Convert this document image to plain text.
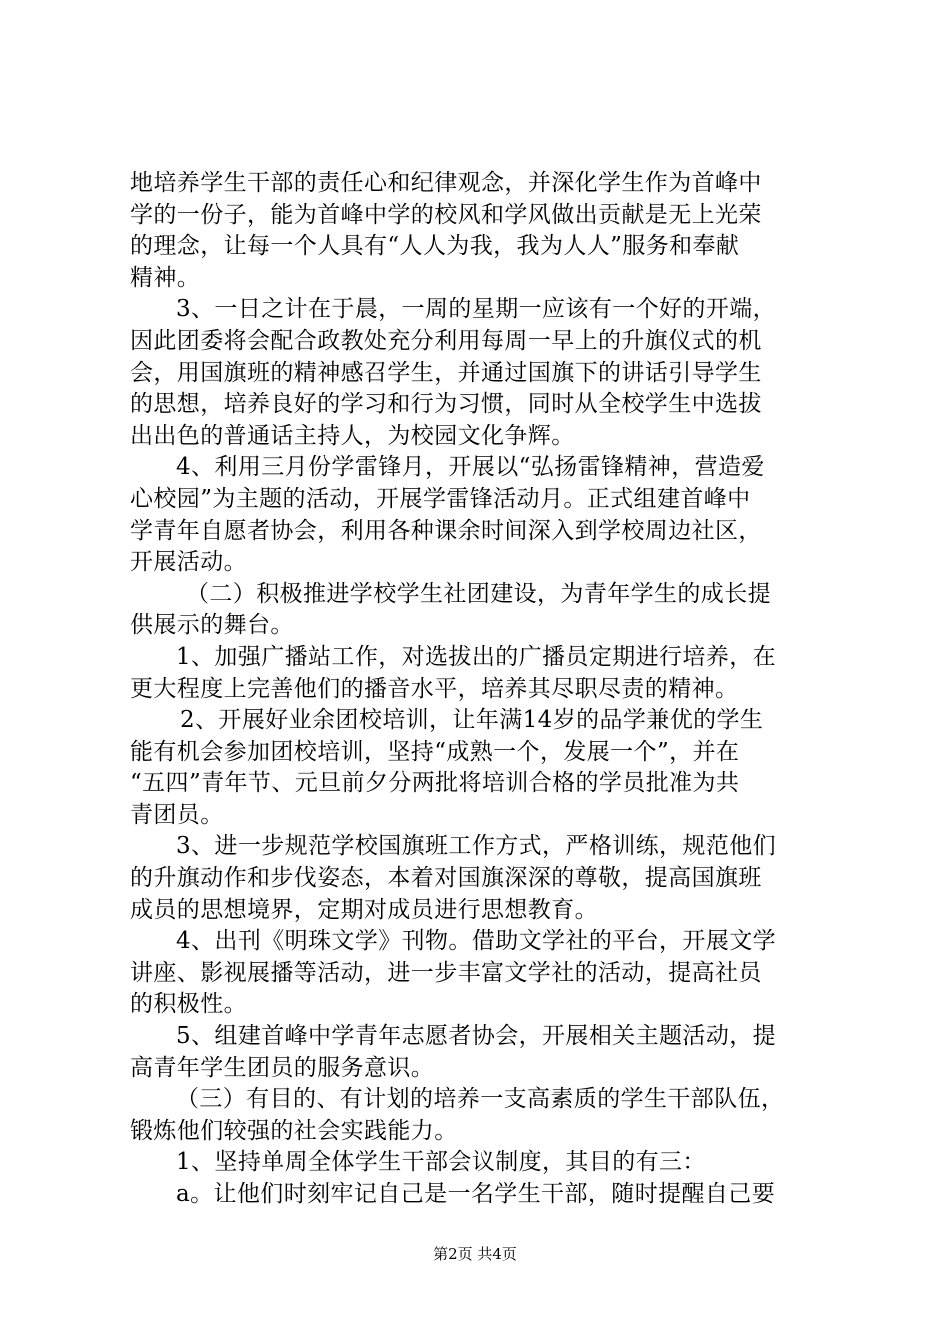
地培养学生干部的责任心和纪律观念，并深化学生作为首峰中
学的一份子，能为首峰中学的校风和学风做出贡献是无上光荣
的理念，让每一个人具有“人人为我，我为人人”服务和奉献
精神。
3、一日之计在于晨，一周的星期一应该有一个好的开端，
因此团委将会配合政教处充分利用每周一早上的升旗仪式的机
会，用国旗班的精神感召学生，并通过国旗下的讲话引导学生
的思想，培养良好的学习和行为习惯，同时从全校学生中选拔
出出色的普通话主持人，为校园文化争辉。
4、利用三月份学雷锋月，开展以“弘扬雷锋精神，营造爱
心校园”为主题的活动，开展学雷锋活动月。正式组建首峰中
学青年自愿者协会，利用各种课余时间深入到学校周边社区，
开展活动。
（二）积极推进学校学生社团建设，为青年学生的成长提
供展示的舞台。
1、加强广播站工作，对选拔出的广播员定期进行培养，在
更大程度上完善他们的播音水平，培养其尽职尽责的精神。
2、开展好业余团校培训，让年满14岁的品学兼优的学生
能有机会参加团校培训，坚持“成熟一个，发展一个”，并在
“五四”青年节、元旦前夕分两批将培训合格的学员批准为共
青团员。
3、进一步规范学校国旗班工作方式，严格训练，规范他们
的升旗动作和步伐姿态，本着对国旗深深的尊敬，提高国旗班
成员的思想境界，定期对成员进行思想教育。
4、出刊《明珠文学》刊物。借助文学社的平台，开展文学
讲座、影视展播等活动，进一步丰富文学社的活动，提高社员
的积极性。
5、组建首峰中学青年志愿者协会，开展相关主题活动，提
高青年学生团员的服务意识。
（三）有目的、有计划的培养一支高素质的学生干部队伍，
锻炼他们较强的社会实践能力。
1、坚持单周全体学生干部会议制度，其目的有三：
a。让他们时刻牢记自己是一名学生干部，随时提醒自己要
第2页 共4页
